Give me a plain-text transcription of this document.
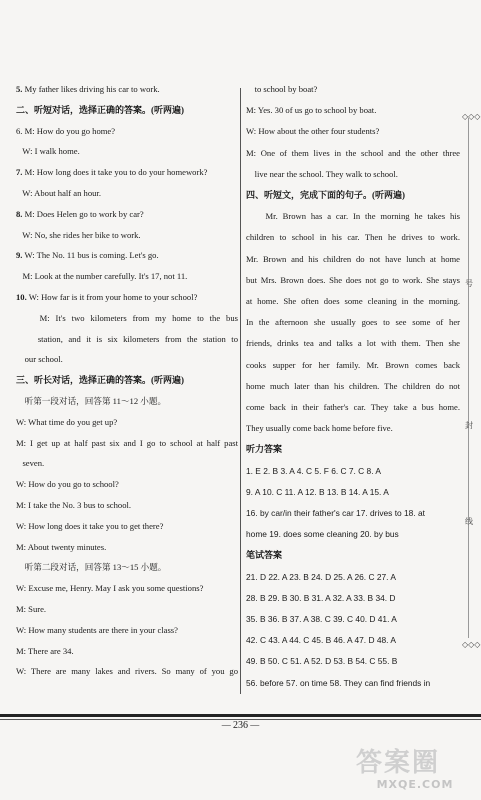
5. My father likes driving his car to work.
二、听短对话，选择正确的答案。(听两遍)
6. M: How do you go home?
W: I walk home.
7. M: How long does it take you to do your homework?
W: About half an hour.
8. M: Does Helen go to work by car?
W: No, she rides her bike to work.
9. W: The No. 11 bus is coming. Let's go.
M: Look at the number carefully. It's 17, not 11.
10. W: How far is it from your home to your school?
M: It's two kilometers from my home to the bus
station, and it is six kilometers from the station to
our school.
三、听长对话，选择正确的答案。(听两遍)
听第一段对话，回答第 11～12 小题。
W: What time do you get up?
M: I get up at half past six and I go to school at half past
seven.
W: How do you go to school?
M: I take the No. 3 bus to school.
W: How long does it take you to get there?
M: About twenty minutes.
听第二段对话，回答第 13～15 小题。
W: Excuse me, Henry. May I ask you some questions?
M: Sure.
W: How many students are there in your class?
M: There are 34.
W: There are many lakes and rivers. So many of you go
to school by boat?
M: Yes. 30 of us go to school by boat.
W: How about the other four students?
M: One of them lives in the school and the other three
live near the school. They walk to school.
四、听短文，完成下面的句子。(听两遍)
Mr. Brown has a car. In the morning he takes his
children to school in his car. Then he drives to work.
Mr. Brown and his children do not have lunch at home
but Mrs. Brown does. She does not go to work. She stays
at home. She often does some cleaning in the morning.
In the afternoon she usually goes to see some of her
friends, drinks tea and talks a lot with them. Then she
cooks supper for her family. Mr. Brown comes back
home much later than his children. The children do not
come back in their father's car. They take a bus home.
They usually come back home before five.
听力答案
1. E 2. B 3. A 4. C 5. F 6. C 7. C 8. A
9. A 10. C 11. A 12. B 13. B 14. A 15. A
16. by car/in their father's car 17. drives to 18. at
home 19. does some cleaning 20. by bus
笔试答案
21. D 22. A 23. B 24. D 25. A 26. C 27. A
28. B 29. B 30. B 31. A 32. A 33. B 34. D
35. B 36. B 37. A 38. C 39. C 40. D 41. A
42. C 43. A 44. C 45. B 46. A 47. D 48. A
49. B 50. C 51. A 52. D 53. B 54. C 55. B
56. before 57. on time 58. They can find friends in
◇◇◇
号
封
线
◇◇◇
— 236 —
答案圈
MXQE.COM
